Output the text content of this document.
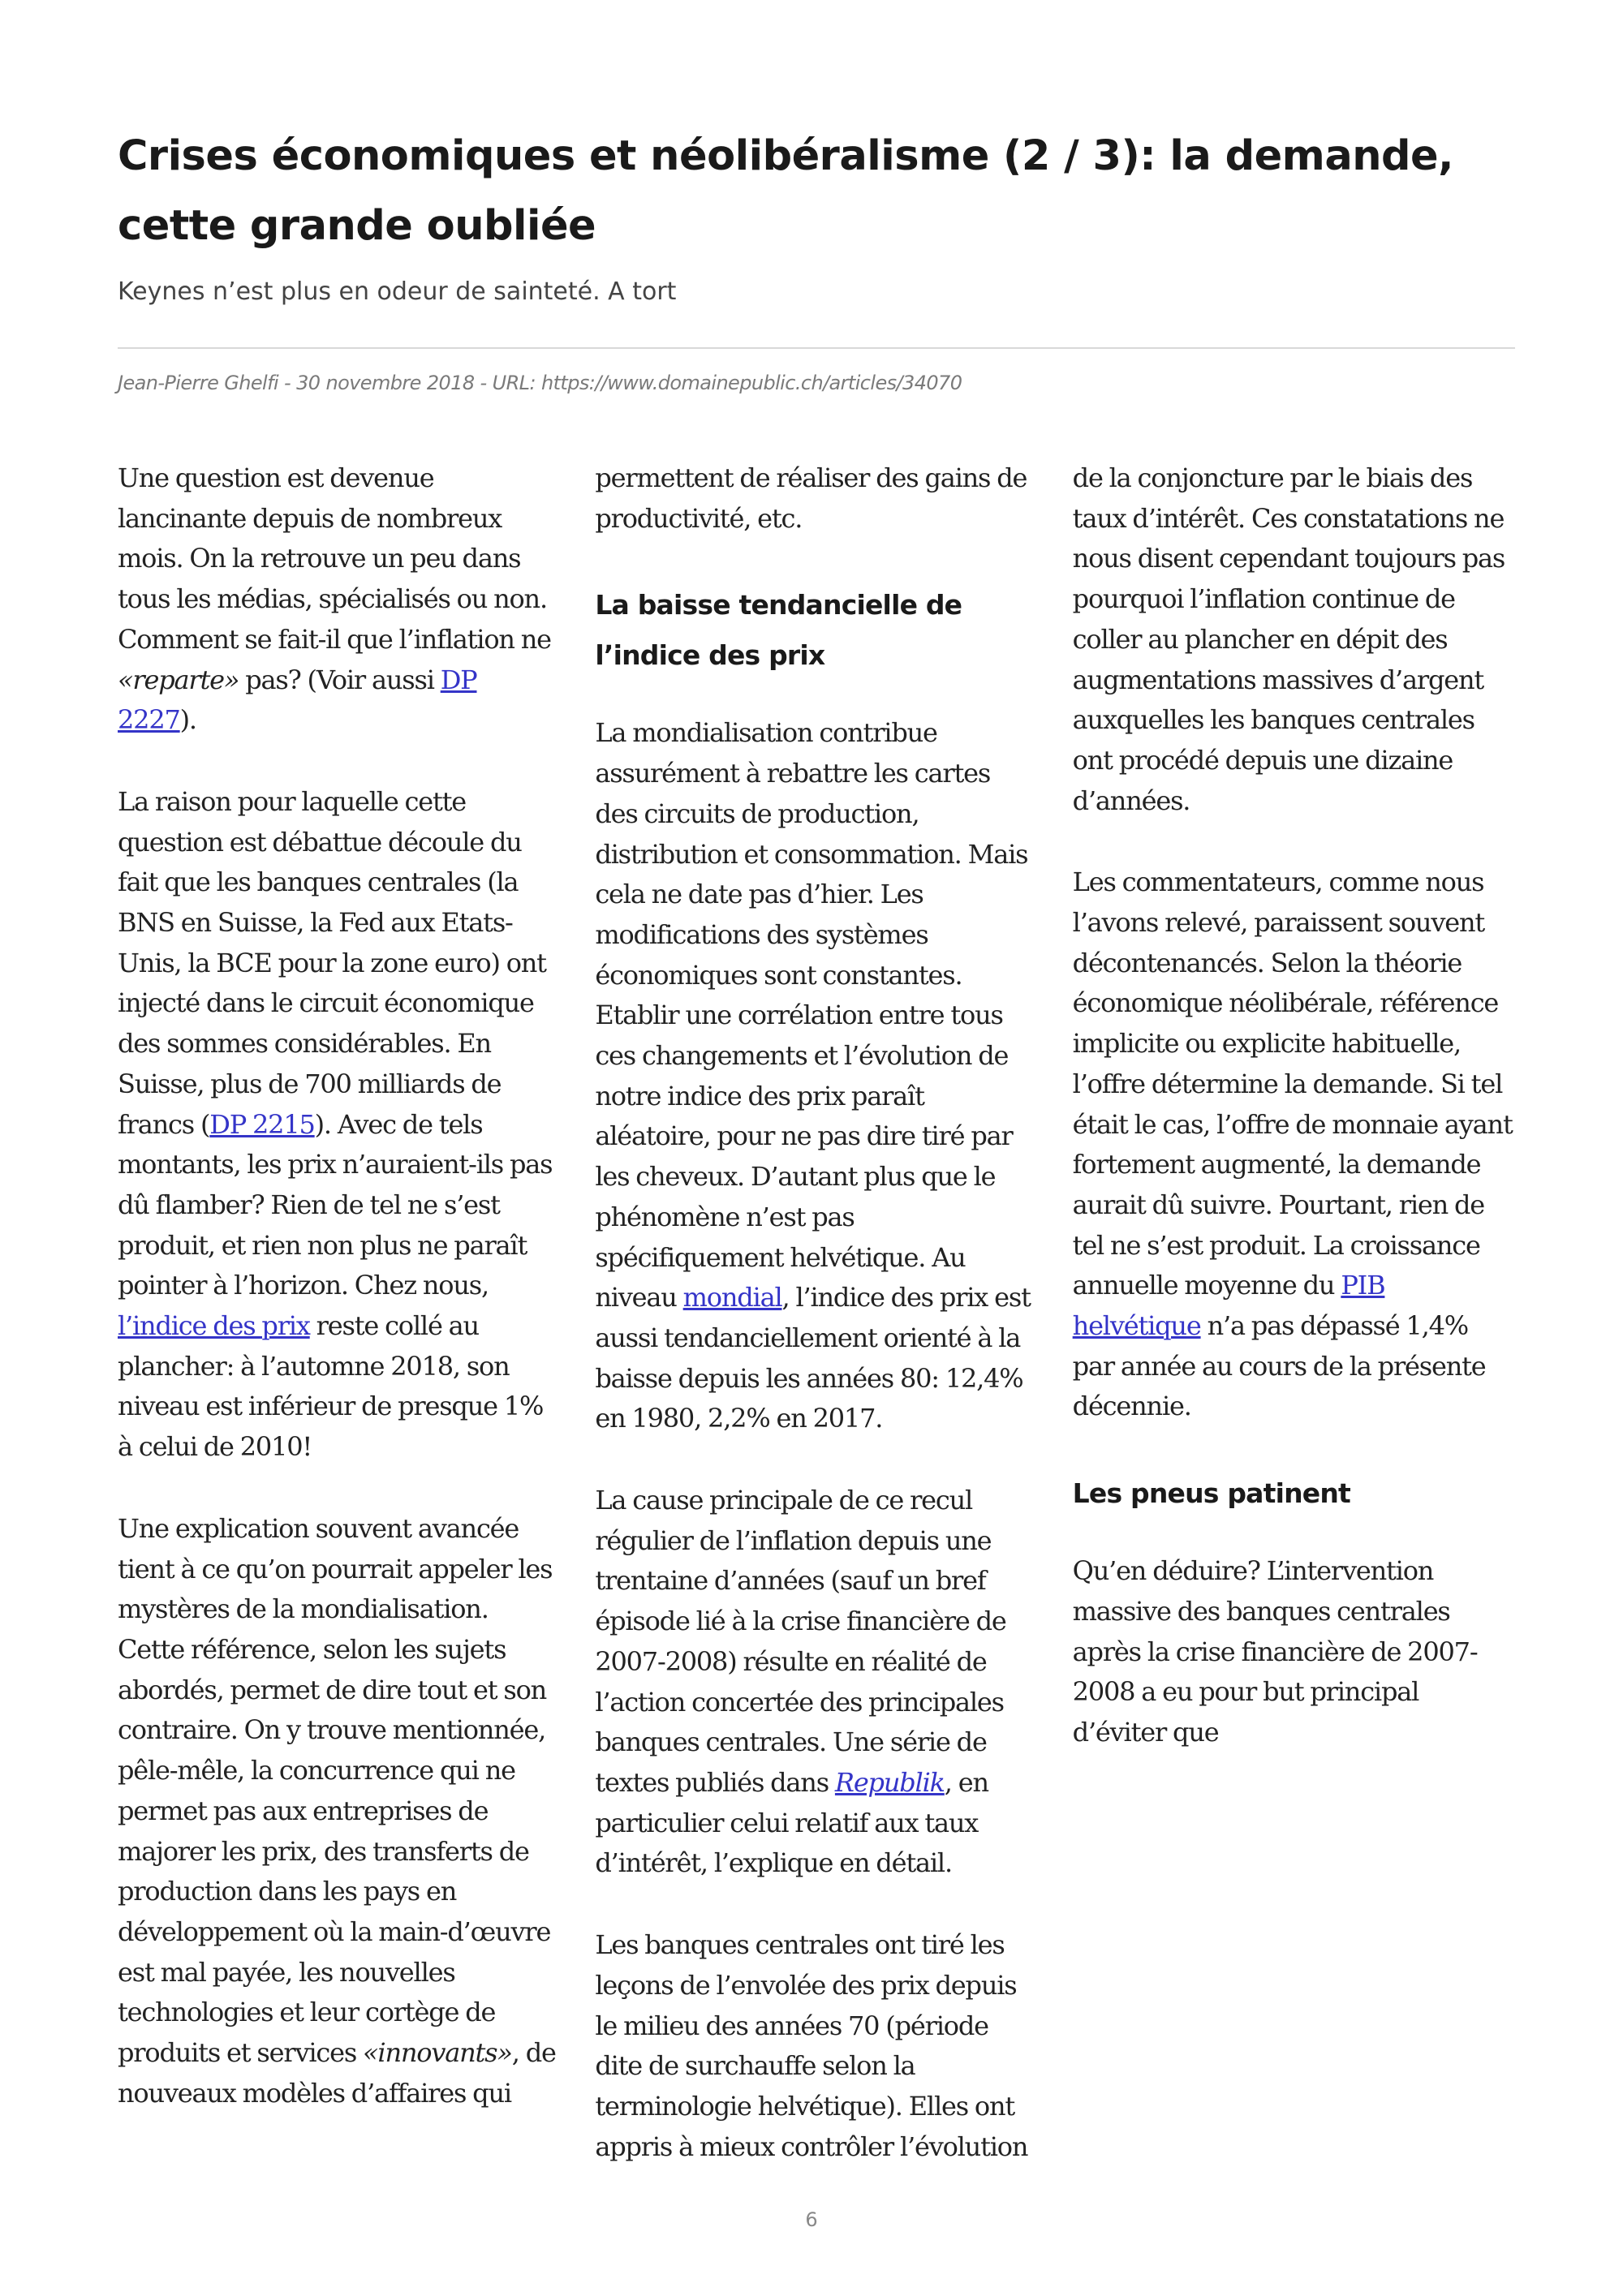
Crises économiques et néolibéralisme (2 / 3): la demande, cette grande oubliée

Keynes n’est plus en odeur de sainteté. A tort

Jean-Pierre Ghelfi - 30 novembre 2018 - URL: https://www.domainepublic.ch/articles/34070

6

Une question est devenue lancinante depuis de nombreux mois. On la retrouve un peu dans tous les médias, spécialisés ou non. Comment se fait-il que l’inflation ne «reparte» pas? (Voir aussi DP 2227).

La raison pour laquelle cette question est débattue découle du fait que les banques centrales (la BNS en Suisse, la Fed aux Etats-Unis, la BCE pour la zone euro) ont injecté dans le circuit économique des sommes considérables. En Suisse, plus de 700 milliards de francs (DP 2215). Avec de tels montants, les prix n’auraient-ils pas dû flamber? Rien de tel ne s’est produit, et rien non plus ne paraît pointer à l’horizon. Chez nous, l’indice des prix reste collé au plancher: à l’automne 2018, son niveau est inférieur de presque 1% à celui de 2010!

Une explication souvent avancée tient à ce qu’on pourrait appeler les mystères de la mondialisation. Cette référence, selon les sujets abordés, permet de dire tout et son contraire. On y trouve mentionnée, pêle-mêle, la concurrence qui ne permet pas aux entreprises de majorer les prix, des transferts de production dans les pays en développement où la main-d’œuvre est mal payée, les nouvelles technologies et leur cortège de produits et services «innovants», de nouveaux modèles d’affaires qui permettent de réaliser des gains de productivité, etc.

La baisse tendancielle de l’indice des prix

La mondialisation contribue assurément à rebattre les cartes des circuits de production, distribution et consommation. Mais cela ne date pas d’hier. Les modifications des systèmes économiques sont constantes. Etablir une corrélation entre tous ces changements et l’évolution de notre indice des prix paraît aléatoire, pour ne pas dire tiré par les cheveux. D’autant plus que le phénomène n’est pas spécifiquement helvétique. Au niveau mondial, l’indice des prix est aussi tendanciellement orienté à la baisse depuis les années 80: 12,4% en 1980, 2,2% en 2017.

La cause principale de ce recul régulier de l’inflation depuis une trentaine d’années (sauf un bref épisode lié à la crise financière de 2007-2008) résulte en réalité de l’action concertée des principales banques centrales. Une série de textes publiés dans Republik, en particulier celui relatif aux taux d’intérêt, l’explique en détail.

Les banques centrales ont tiré les leçons de l’envolée des prix depuis le milieu des années 70 (période dite de surchauffe selon la terminologie helvétique). Elles ont appris à mieux contrôler l’évolution de la conjoncture par le biais des taux d’intérêt. Ces constatations ne nous disent cependant toujours pas pourquoi l’inflation continue de coller au plancher en dépit des augmentations massives d’argent auxquelles les banques centrales ont procédé depuis une dizaine d’années.

Les commentateurs, comme nous l’avons relevé, paraissent souvent décontenancés. Selon la théorie économique néolibérale, référence implicite ou explicite habituelle, l’offre détermine la demande. Si tel était le cas, l’offre de monnaie ayant fortement augmenté, la demande aurait dû suivre. Pourtant, rien de tel ne s’est produit. La croissance annuelle moyenne du PIB helvétique n’a pas dépassé 1,4% par année au cours de la présente décennie.

Les pneus patinent

Qu’en déduire? L’intervention massive des banques centrales après la crise financière de 2007-2008 a eu pour but principal d’éviter que
